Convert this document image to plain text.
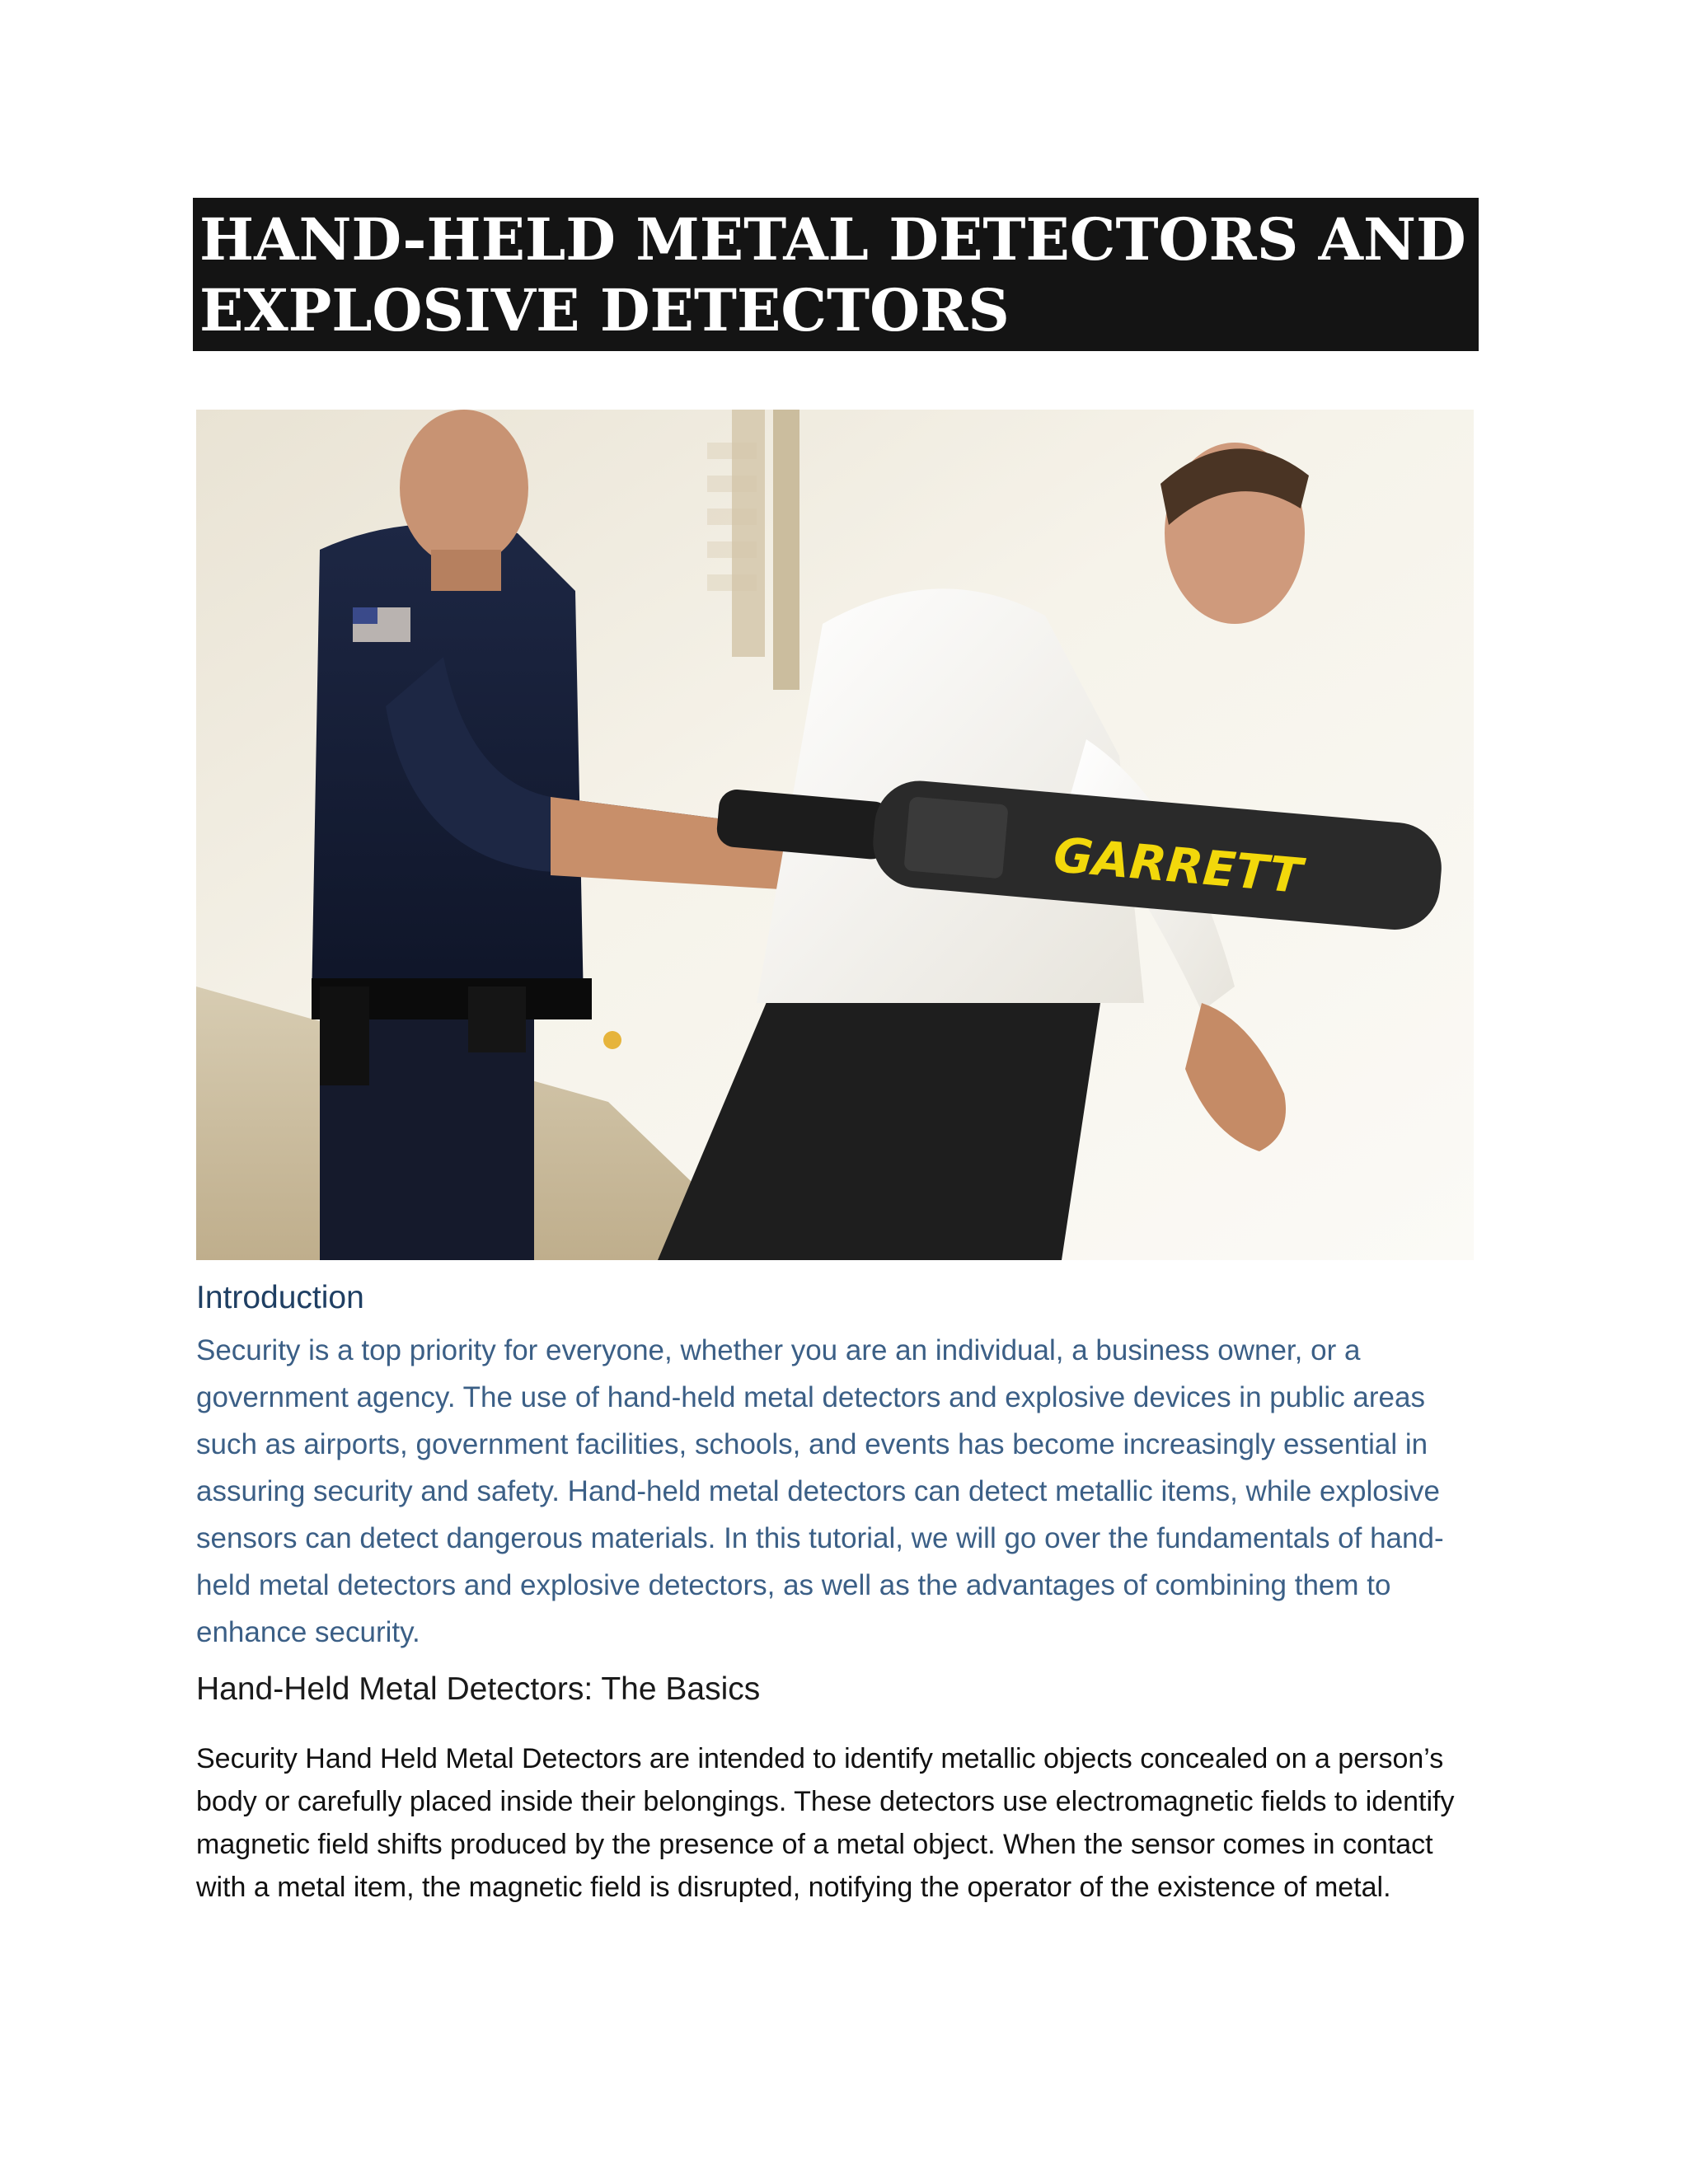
HAND-HELD METAL DETECTORS AND
EXPLOSIVE DETECTORS
GARRETT
Introduction

Security is a top priority for everyone, whether you are an individual, a business owner, or a government agency. The use of hand-held metal detectors and explosive devices in public areas such as airports, government facilities, schools, and events has become increasingly essential in assuring security and safety. Hand-held metal detectors can detect metallic items, while explosive sensors can detect dangerous materials. In this tutorial, we will go over the fundamentals of hand-held metal detectors and explosive detectors, as well as the advantages of combining them to enhance security.

Hand-Held Metal Detectors: The Basics

Security Hand Held Metal Detectors are intended to identify metallic objects concealed on a person’s body or carefully placed inside their belongings. These detectors use electromagnetic fields to identify magnetic field shifts produced by the presence of a metal object. When the sensor comes in contact with a metal item, the magnetic field is disrupted, notifying the operator of the existence of metal.
